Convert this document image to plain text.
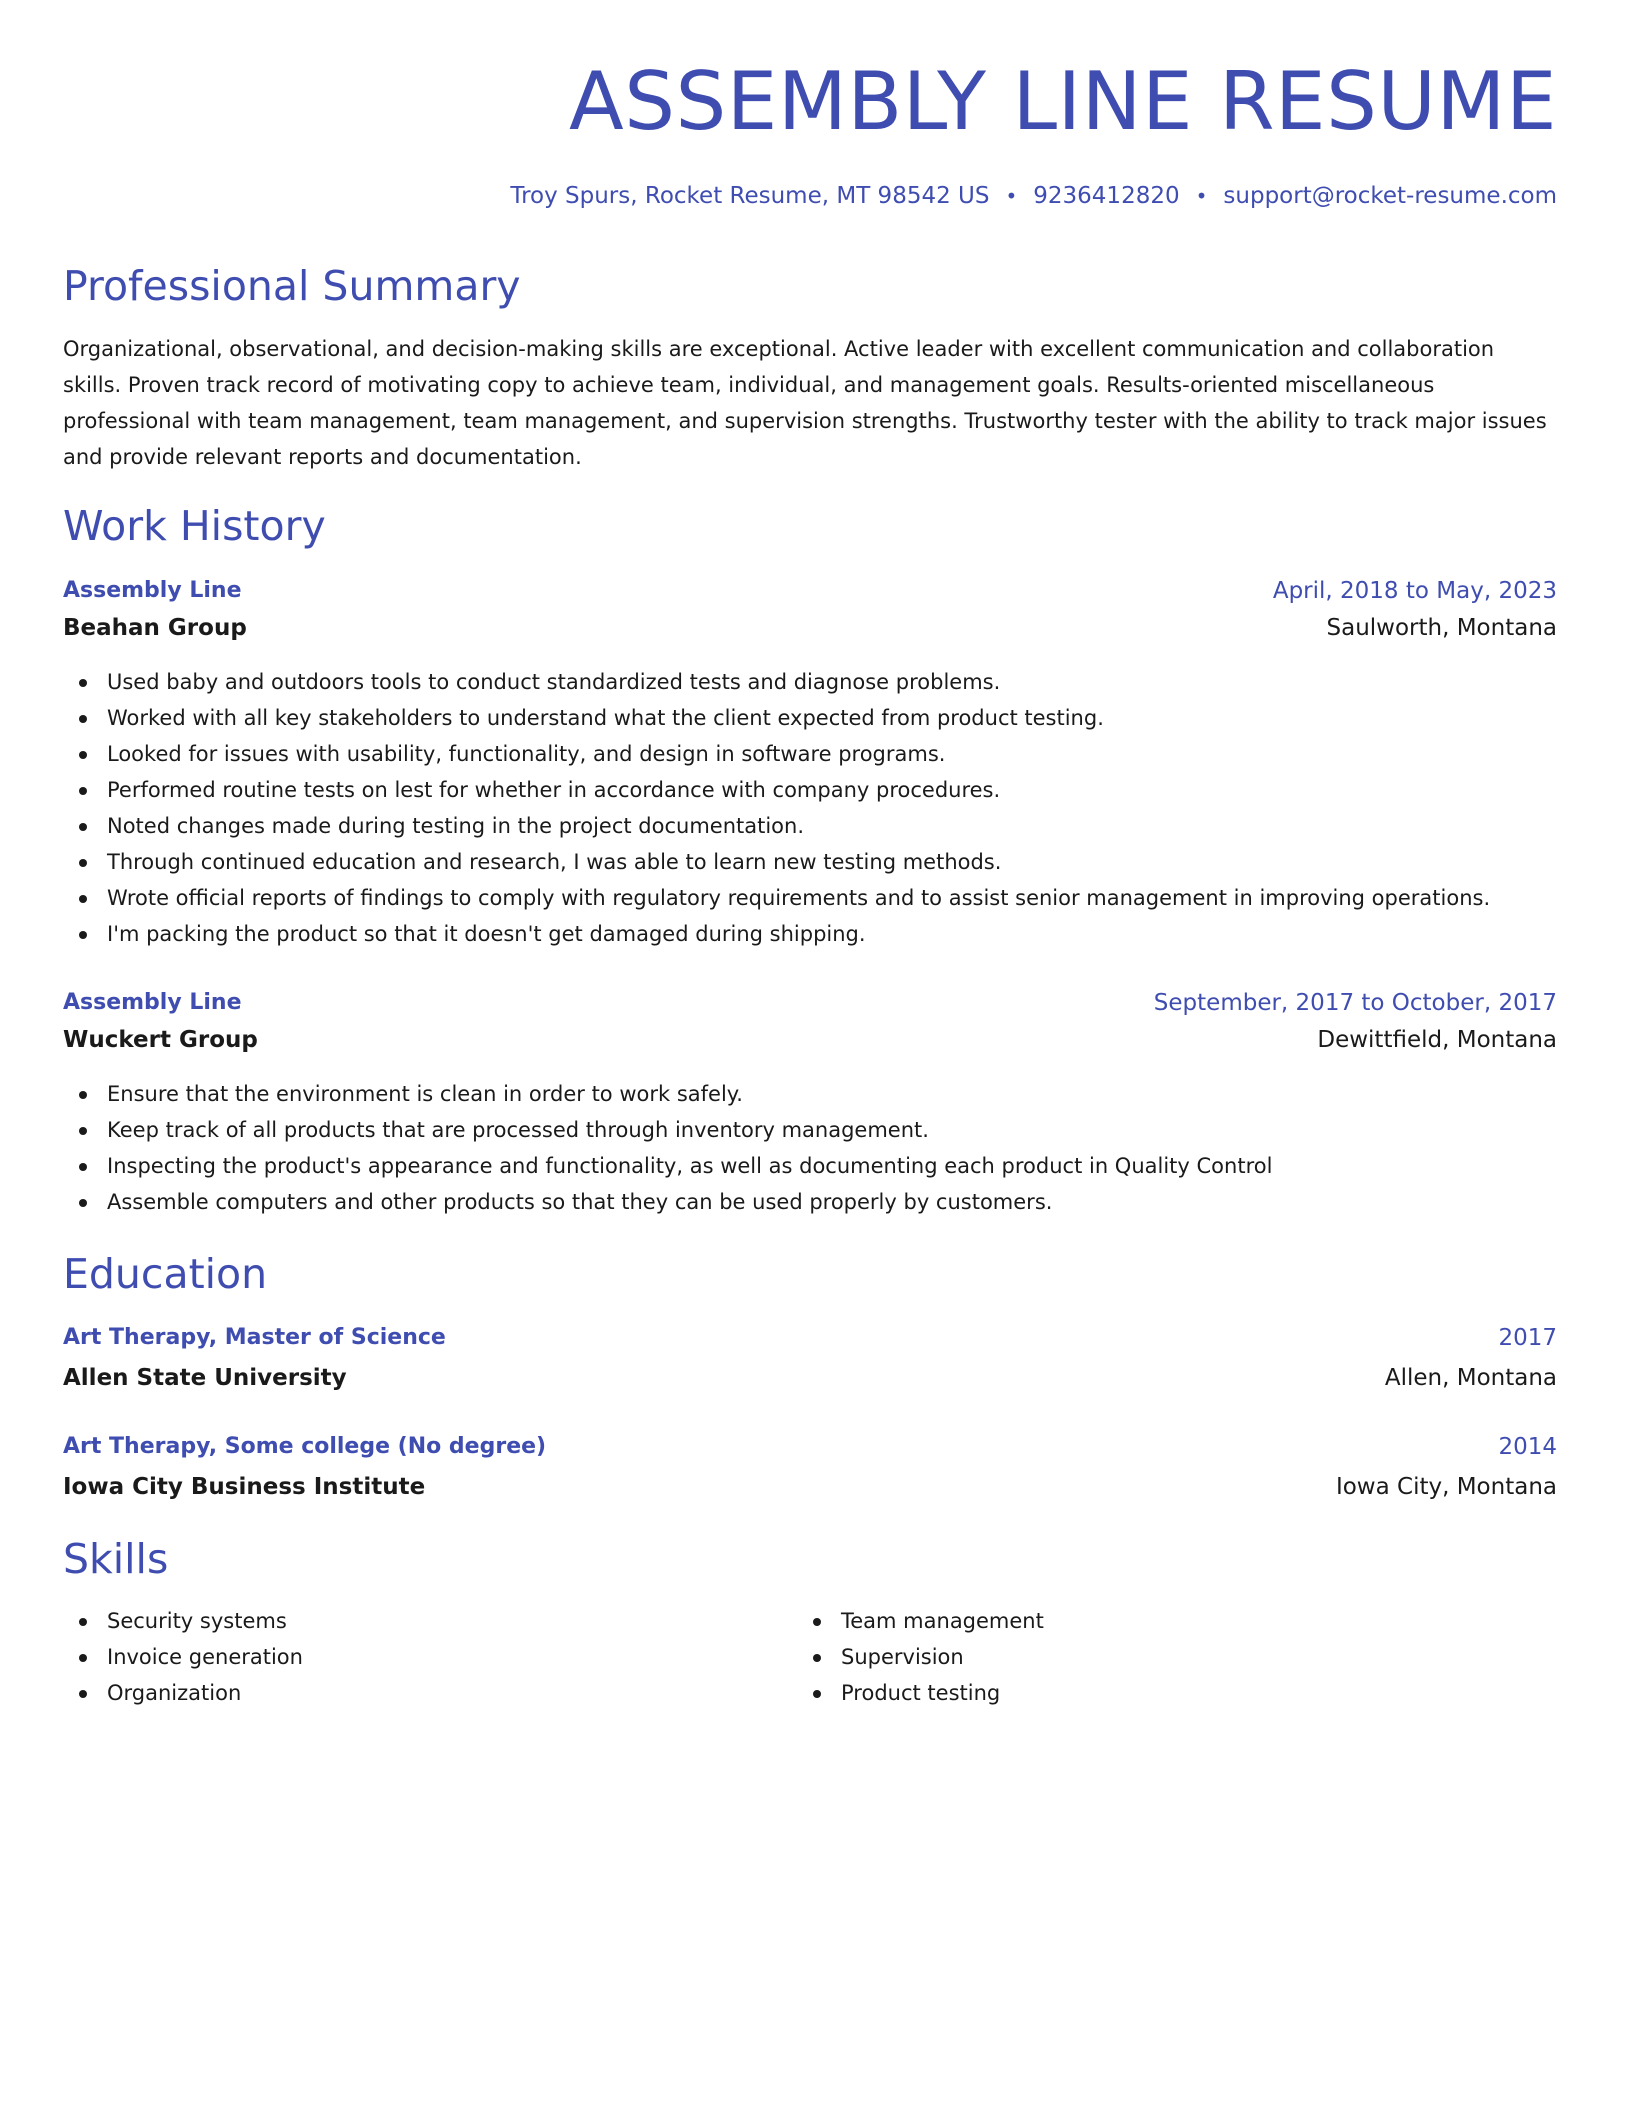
ASSEMBLY LINE RESUME
Troy Spurs, Rocket Resume, MT 98542 US • 9236412820 • support@rocket-resume.com
Professional Summary

Organizational, observational, and decision-making skills are exceptional. Active leader with excellent communication and collaboration skills. Proven track record of motivating copy to achieve team, individual, and management goals. Results-oriented miscellaneous professional with team management, team management, and supervision strengths. Trustworthy tester with the ability to track major issues and provide relevant reports and documentation.

Work History
Assembly Line	April, 2018 to May, 2023
Beahan Group	Saulworth, Montana
Used baby and outdoors tools to conduct standardized tests and diagnose problems.
Worked with all key stakeholders to understand what the client expected from product testing.
Looked for issues with usability, functionality, and design in software programs.
Performed routine tests on lest for whether in accordance with company procedures.
Noted changes made during testing in the project documentation.
Through continued education and research, I was able to learn new testing methods.
Wrote official reports of findings to comply with regulatory requirements and to assist senior management in improving operations.
I'm packing the product so that it doesn't get damaged during shipping.
Assembly Line	September, 2017 to October, 2017
Wuckert Group	Dewittfield, Montana
Ensure that the environment is clean in order to work safely.
Keep track of all products that are processed through inventory management.
Inspecting the product's appearance and functionality, as well as documenting each product in Quality Control
Assemble computers and other products so that they can be used properly by customers.
Education
Art Therapy, Master of Science	2017
Allen State University	Allen, Montana
Art Therapy, Some college (No degree)	2014
Iowa City Business Institute	Iowa City, Montana
Skills
Security systems
Invoice generation
Organization
Team management
Supervision
Product testing
